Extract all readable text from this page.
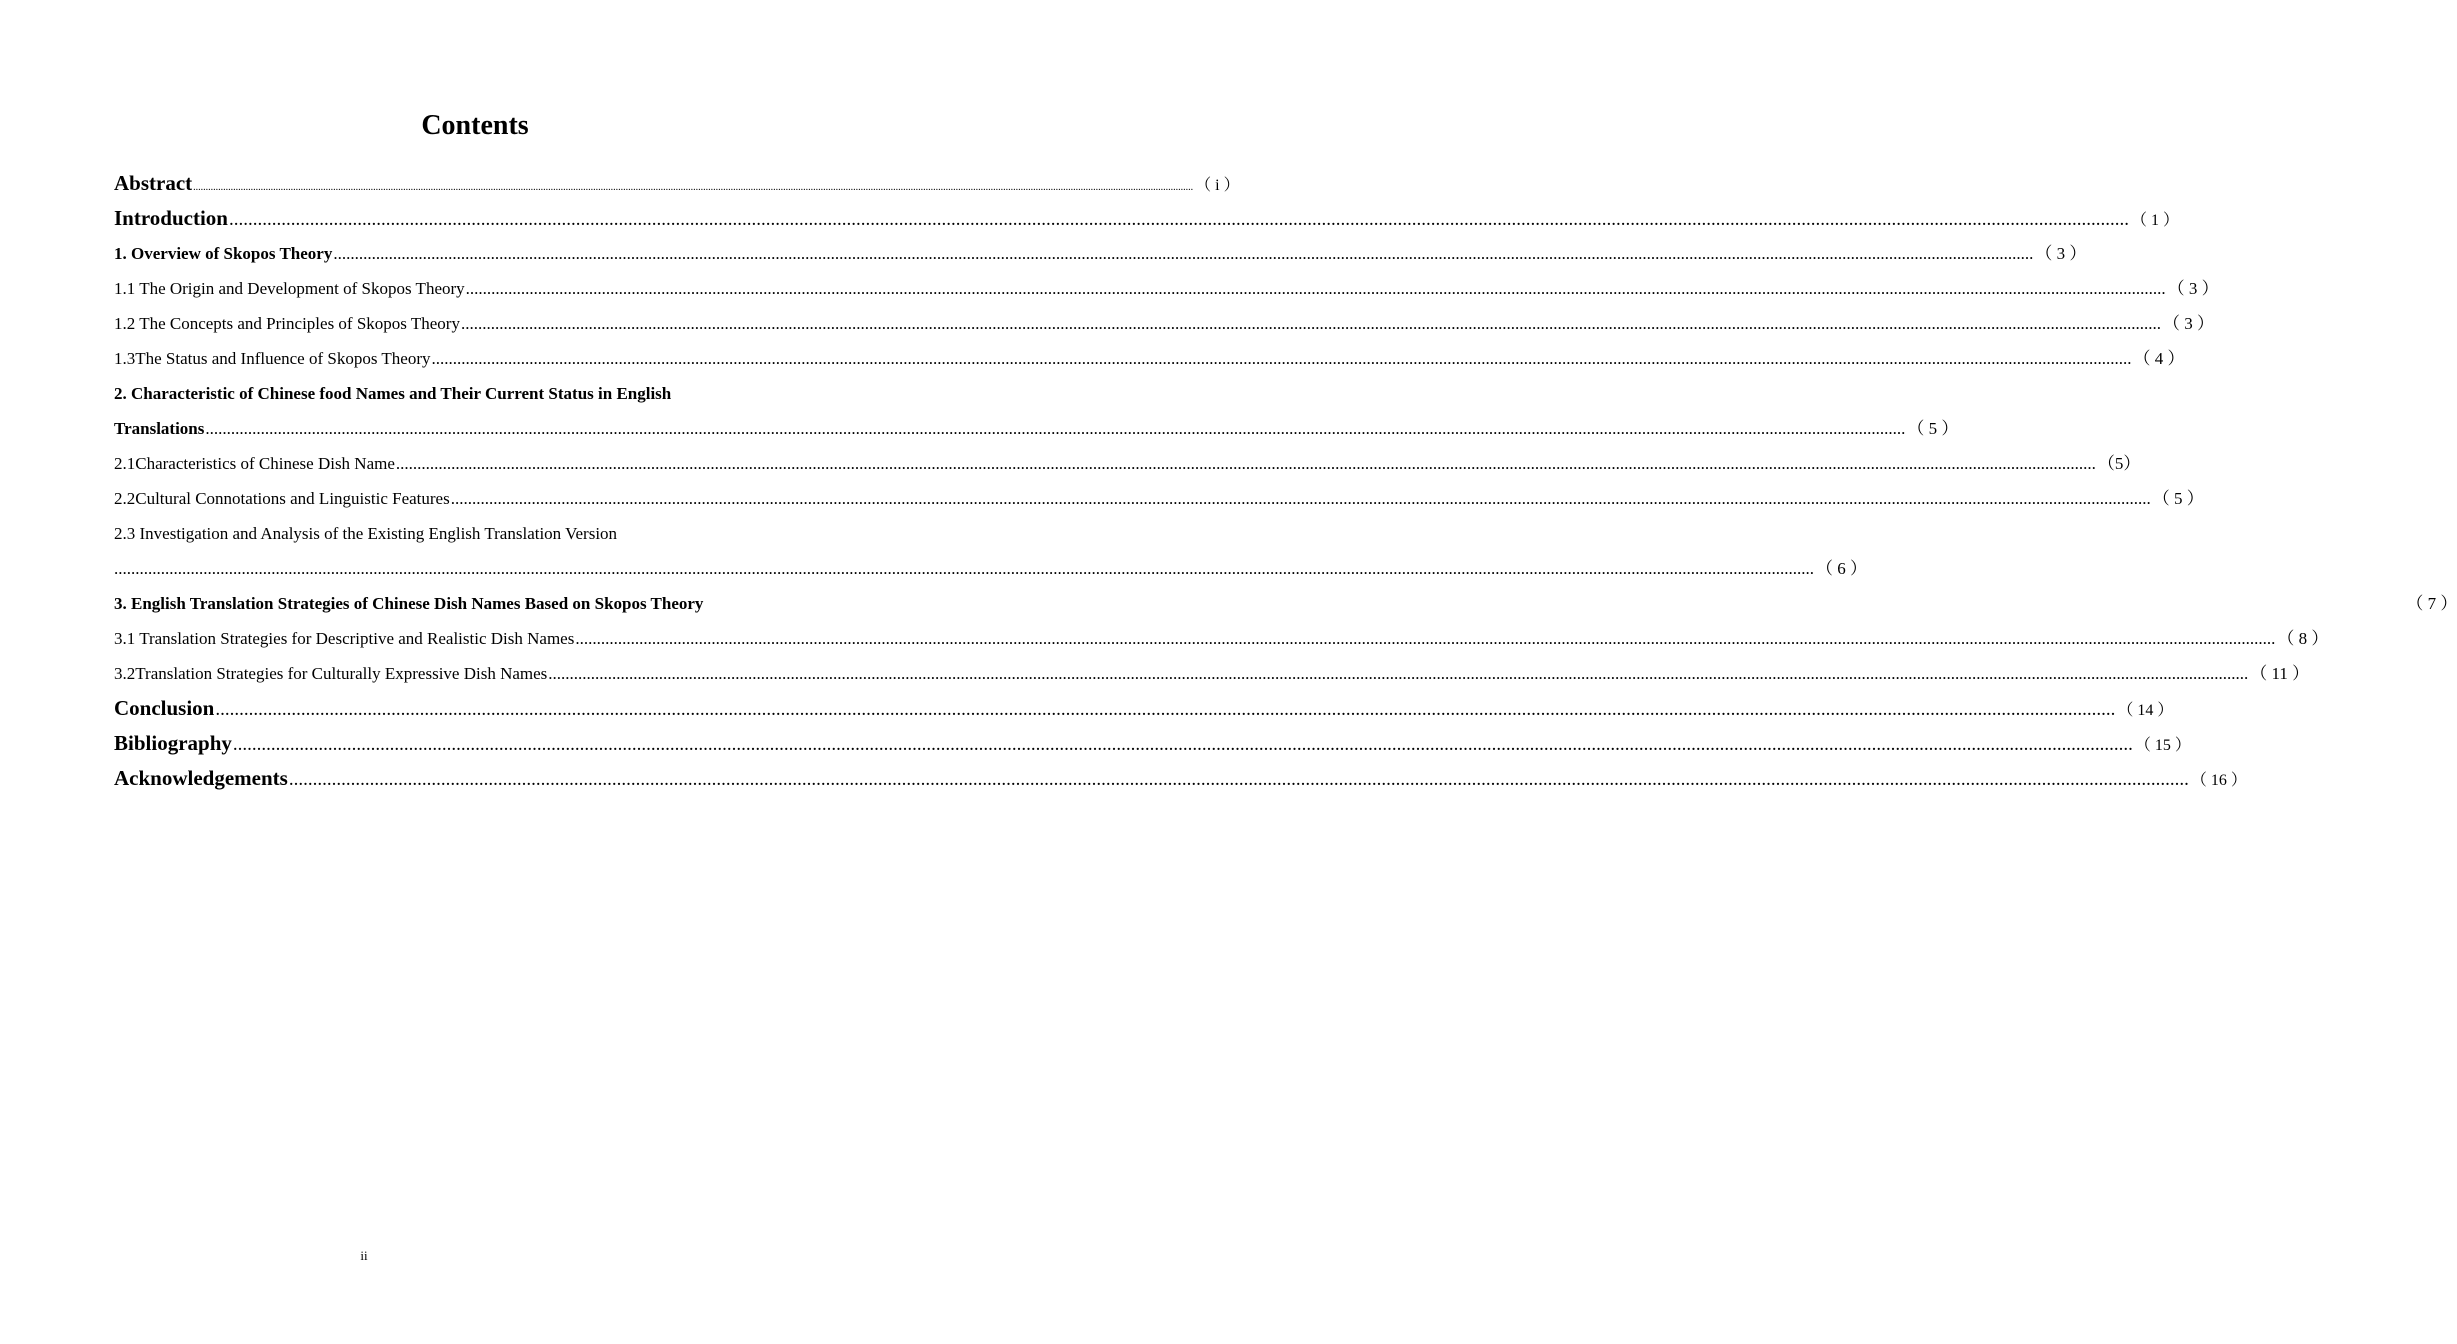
Contents
Abstract ................................................................................................................................................................................................................................................................................................................................................................................................................ （ i ）
Introduction ................................................................................................................................................................................................................................................................................................................................................................................................................ （ 1 ）
1. Overview of Skopos Theory ................................................................................................................................................................................................................................................................................................................................................................................................................ （ 3 ）
1.1 The Origin and Development of Skopos Theory ................................................................................................................................................................................................................................................................................................................................................................................................................ （ 3 ）
1.2 The Concepts and Principles of Skopos Theory ................................................................................................................................................................................................................................................................................................................................................................................................................ （ 3 ）
1.3The Status and Influence of Skopos Theory ................................................................................................................................................................................................................................................................................................................................................................................................................ （ 4 ）
2. Characteristic of Chinese food Names and Their Current Status in English
Translations ................................................................................................................................................................................................................................................................................................................................................................................................................ （ 5 ）
2.1Characteristics of Chinese Dish Name ................................................................................................................................................................................................................................................................................................................................................................................................................ （5）
2.2Cultural Connotations and Linguistic Features ................................................................................................................................................................................................................................................................................................................................................................................................................ （ 5 ）
2.3 Investigation and Analysis of the Existing English Translation Version
................................................................................................................................................................................................................................................................................................................................................................................................................ （ 6 ）
3. English Translation Strategies of Chinese Dish Names Based on Skopos Theory	（ 7 ）
3.1 Translation Strategies for Descriptive and Realistic Dish Names ................................................................................................................................................................................................................................................................................................................................................................................................................ （ 8 ）
3.2Translation Strategies for Culturally Expressive Dish Names ................................................................................................................................................................................................................................................................................................................................................................................................................ （ 11 ）
Conclusion ................................................................................................................................................................................................................................................................................................................................................................................................................ （ 14 ）
Bibliography ................................................................................................................................................................................................................................................................................................................................................................................................................ （ 15 ）
Acknowledgements ................................................................................................................................................................................................................................................................................................................................................................................................................ （ 16 ）
ii
